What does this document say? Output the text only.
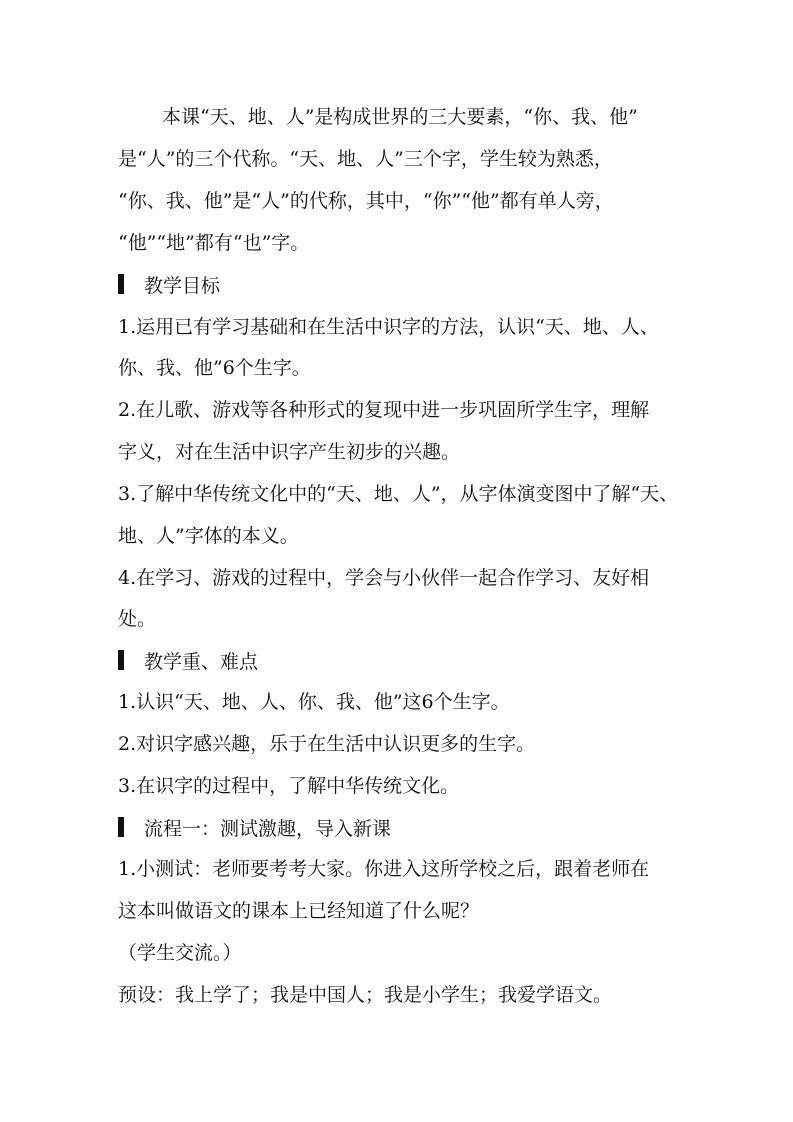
本课“天、地、人”是构成世界的三大要素，“你、我、他”
是“人”的三个代称。“天、地、人”三个字，学生较为熟悉，
“你、我、他”是“人”的代称，其中，“你”“他”都有单人旁，
“他”“地”都有“也”字。
教学目标
1.运用已有学习基础和在生活中识字的方法，认识“天、地、人、
你、我、他”6个生字。
2.在儿歌、游戏等各种形式的复现中进一步巩固所学生字，理解
字义，对在生活中识字产生初步的兴趣。
3.了解中华传统文化中的“天、地、人”，从字体演变图中了解“天、
地、人”字体的本义。
4.在学习、游戏的过程中，学会与小伙伴一起合作学习、友好相
处。
教学重、难点
1.认识“天、地、人、你、我、他”这6个生字。
2.对识字感兴趣，乐于在生活中认识更多的生字。
3.在识字的过程中，了解中华传统文化。
流程一：测试激趣，导入新课
1.小测试：老师要考考大家。你进入这所学校之后，跟着老师在
这本叫做语文的课本上已经知道了什么呢？
（学生交流。）
预设：我上学了；我是中国人；我是小学生；我爱学语文。
